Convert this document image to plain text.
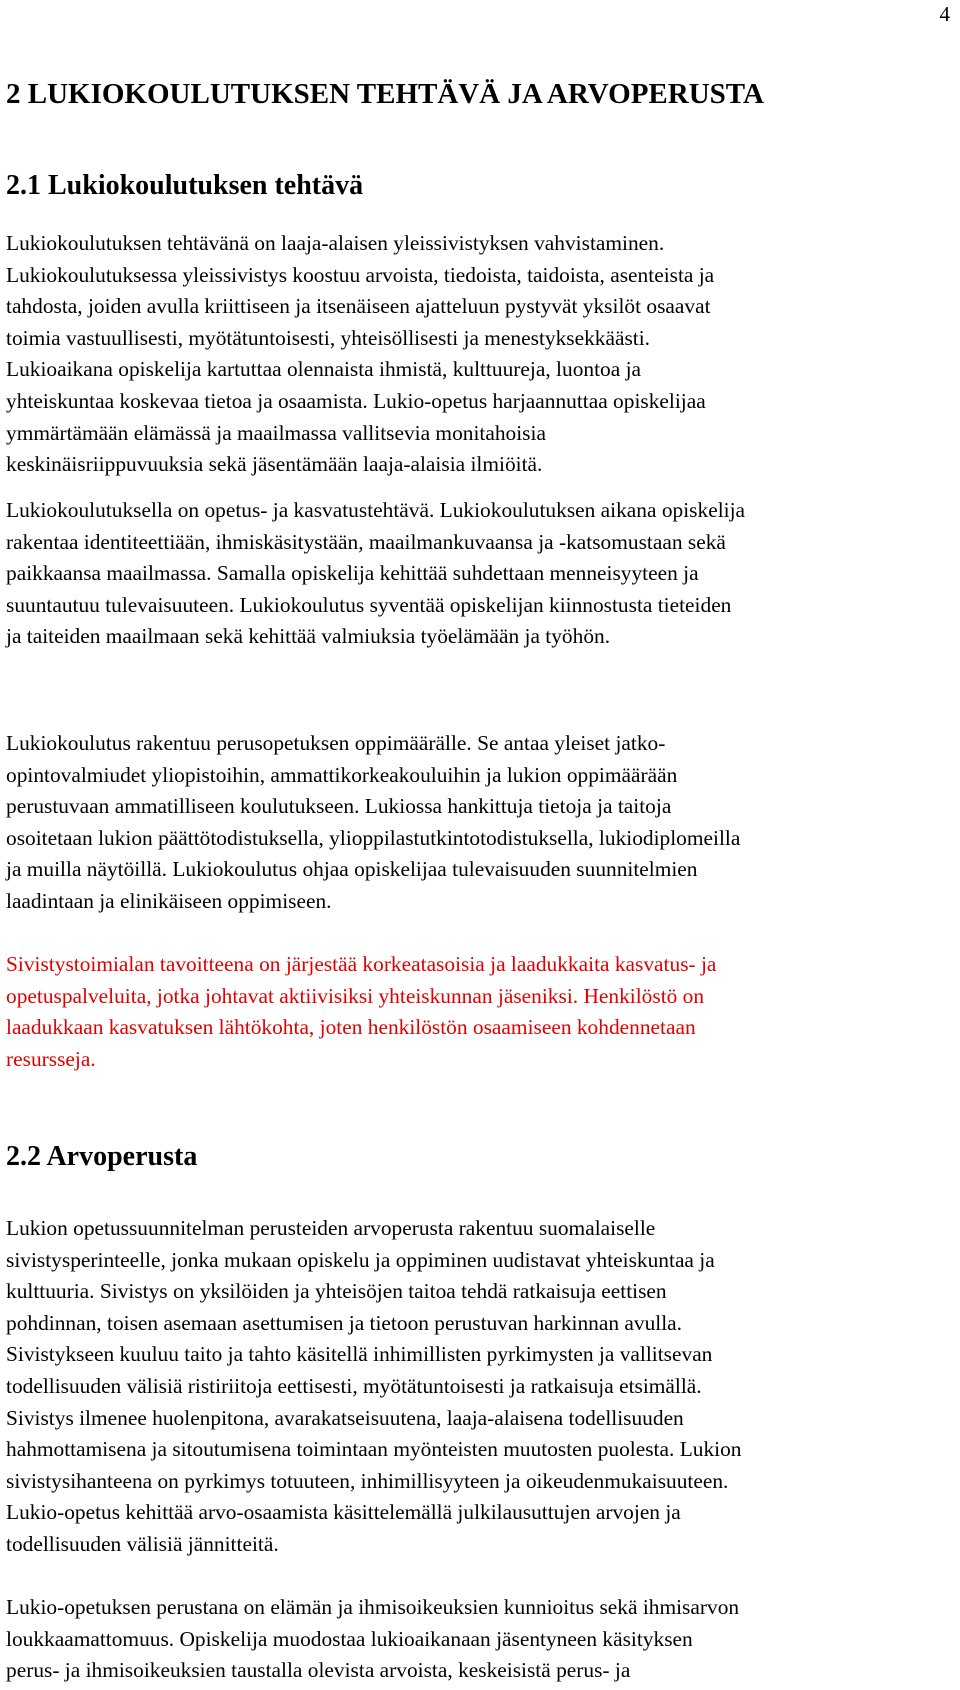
4
2 LUKIOKOULUTUKSEN TEHTÄVÄ JA ARVOPERUSTA
2.1 Lukiokoulutuksen tehtävä

Lukiokoulutuksen tehtävänä on laaja-alaisen yleissivistyksen vahvistaminen.
Lukiokoulutuksessa yleissivistys koostuu arvoista, tiedoista, taidoista, asenteista ja
tahdosta, joiden avulla kriittiseen ja itsenäiseen ajatteluun pystyvät yksilöt osaavat
toimia vastuullisesti, myötätuntoisesti, yhteisöllisesti ja menestyksekkäästi.
Lukioaikana opiskelija kartuttaa olennaista ihmistä, kulttuureja, luontoa ja
yhteiskuntaa koskevaa tietoa ja osaamista. Lukio-opetus harjaannuttaa opiskelijaa
ymmärtämään elämässä ja maailmassa vallitsevia monitahoisia
keskinäisriippuvuuksia sekä jäsentämään laaja-alaisia ilmiöitä.

Lukiokoulutuksella on opetus- ja kasvatustehtävä. Lukiokoulutuksen aikana opiskelija
rakentaa identiteettiään, ihmiskäsitystään, maailmankuvaansa ja -katsomustaan sekä
paikkaansa maailmassa. Samalla opiskelija kehittää suhdettaan menneisyyteen ja
suuntautuu tulevaisuuteen. Lukiokoulutus syventää opiskelijan kiinnostusta tieteiden
ja taiteiden maailmaan sekä kehittää valmiuksia työelämään ja työhön.

Lukiokoulutus rakentuu perusopetuksen oppimäärälle. Se antaa yleiset jatko-
opintovalmiudet yliopistoihin, ammattikorkeakouluihin ja lukion oppimäärään
perustuvaan ammatilliseen koulutukseen. Lukiossa hankittuja tietoja ja taitoja
osoitetaan lukion päättötodistuksella, ylioppilastutkintotodistuksella, lukiodiplomeilla
ja muilla näytöillä. Lukiokoulutus ohjaa opiskelijaa tulevaisuuden suunnitelmien
laadintaan ja elinikäiseen oppimiseen.

Sivistystoimialan tavoitteena on järjestää korkeatasoisia ja laadukkaita kasvatus- ja
opetuspalveluita, jotka johtavat aktiivisiksi yhteiskunnan jäseniksi. Henkilöstö on
laadukkaan kasvatuksen lähtökohta, joten henkilöstön osaamiseen kohdennetaan
resursseja.

2.2 Arvoperusta

Lukion opetussuunnitelman perusteiden arvoperusta rakentuu suomalaiselle
sivistysperinteelle, jonka mukaan opiskelu ja oppiminen uudistavat yhteiskuntaa ja
kulttuuria. Sivistys on yksilöiden ja yhteisöjen taitoa tehdä ratkaisuja eettisen
pohdinnan, toisen asemaan asettumisen ja tietoon perustuvan harkinnan avulla.
Sivistykseen kuuluu taito ja tahto käsitellä inhimillisten pyrkimysten ja vallitsevan
todellisuuden välisiä ristiriitoja eettisesti, myötätuntoisesti ja ratkaisuja etsimällä.
Sivistys ilmenee huolenpitona, avarakatseisuutena, laaja-alaisena todellisuuden
hahmottamisena ja sitoutumisena toimintaan myönteisten muutosten puolesta. Lukion
sivistysihanteena on pyrkimys totuuteen, inhimillisyyteen ja oikeudenmukaisuuteen.
Lukio-opetus kehittää arvo-osaamista käsittelemällä julkilausuttujen arvojen ja
todellisuuden välisiä jännitteitä.

Lukio-opetuksen perustana on elämän ja ihmisoikeuksien kunnioitus sekä ihmisarvon
loukkaamattomuus. Opiskelija muodostaa lukioaikanaan jäsentyneen käsityksen
perus- ja ihmisoikeuksien taustalla olevista arvoista, keskeisistä perus- ja
